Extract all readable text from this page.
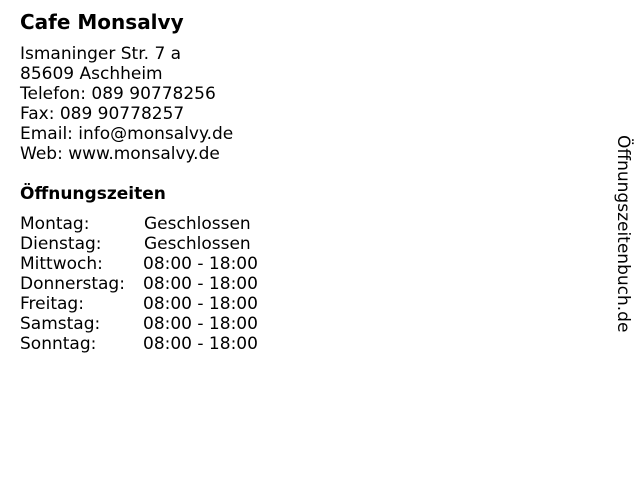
Cafe Monsalvy
Ismaninger Str. 7 a
85609 Aschheim
Telefon: 089 90778256
Fax: 089 90778257
Email: info@monsalvy.de
Web: www.monsalvy.de
Öffnungszeiten
Montag:	Geschlossen
Dienstag: Geschlossen
Mittwoch: 08:00 - 18:00
Donnerstag: 08:00 - 18:00
Freitag:	08:00 - 18:00
Samstag:	08:00 - 18:00
Sonntag:	08:00 - 18:00
Öffnungszeitenbuch.de
